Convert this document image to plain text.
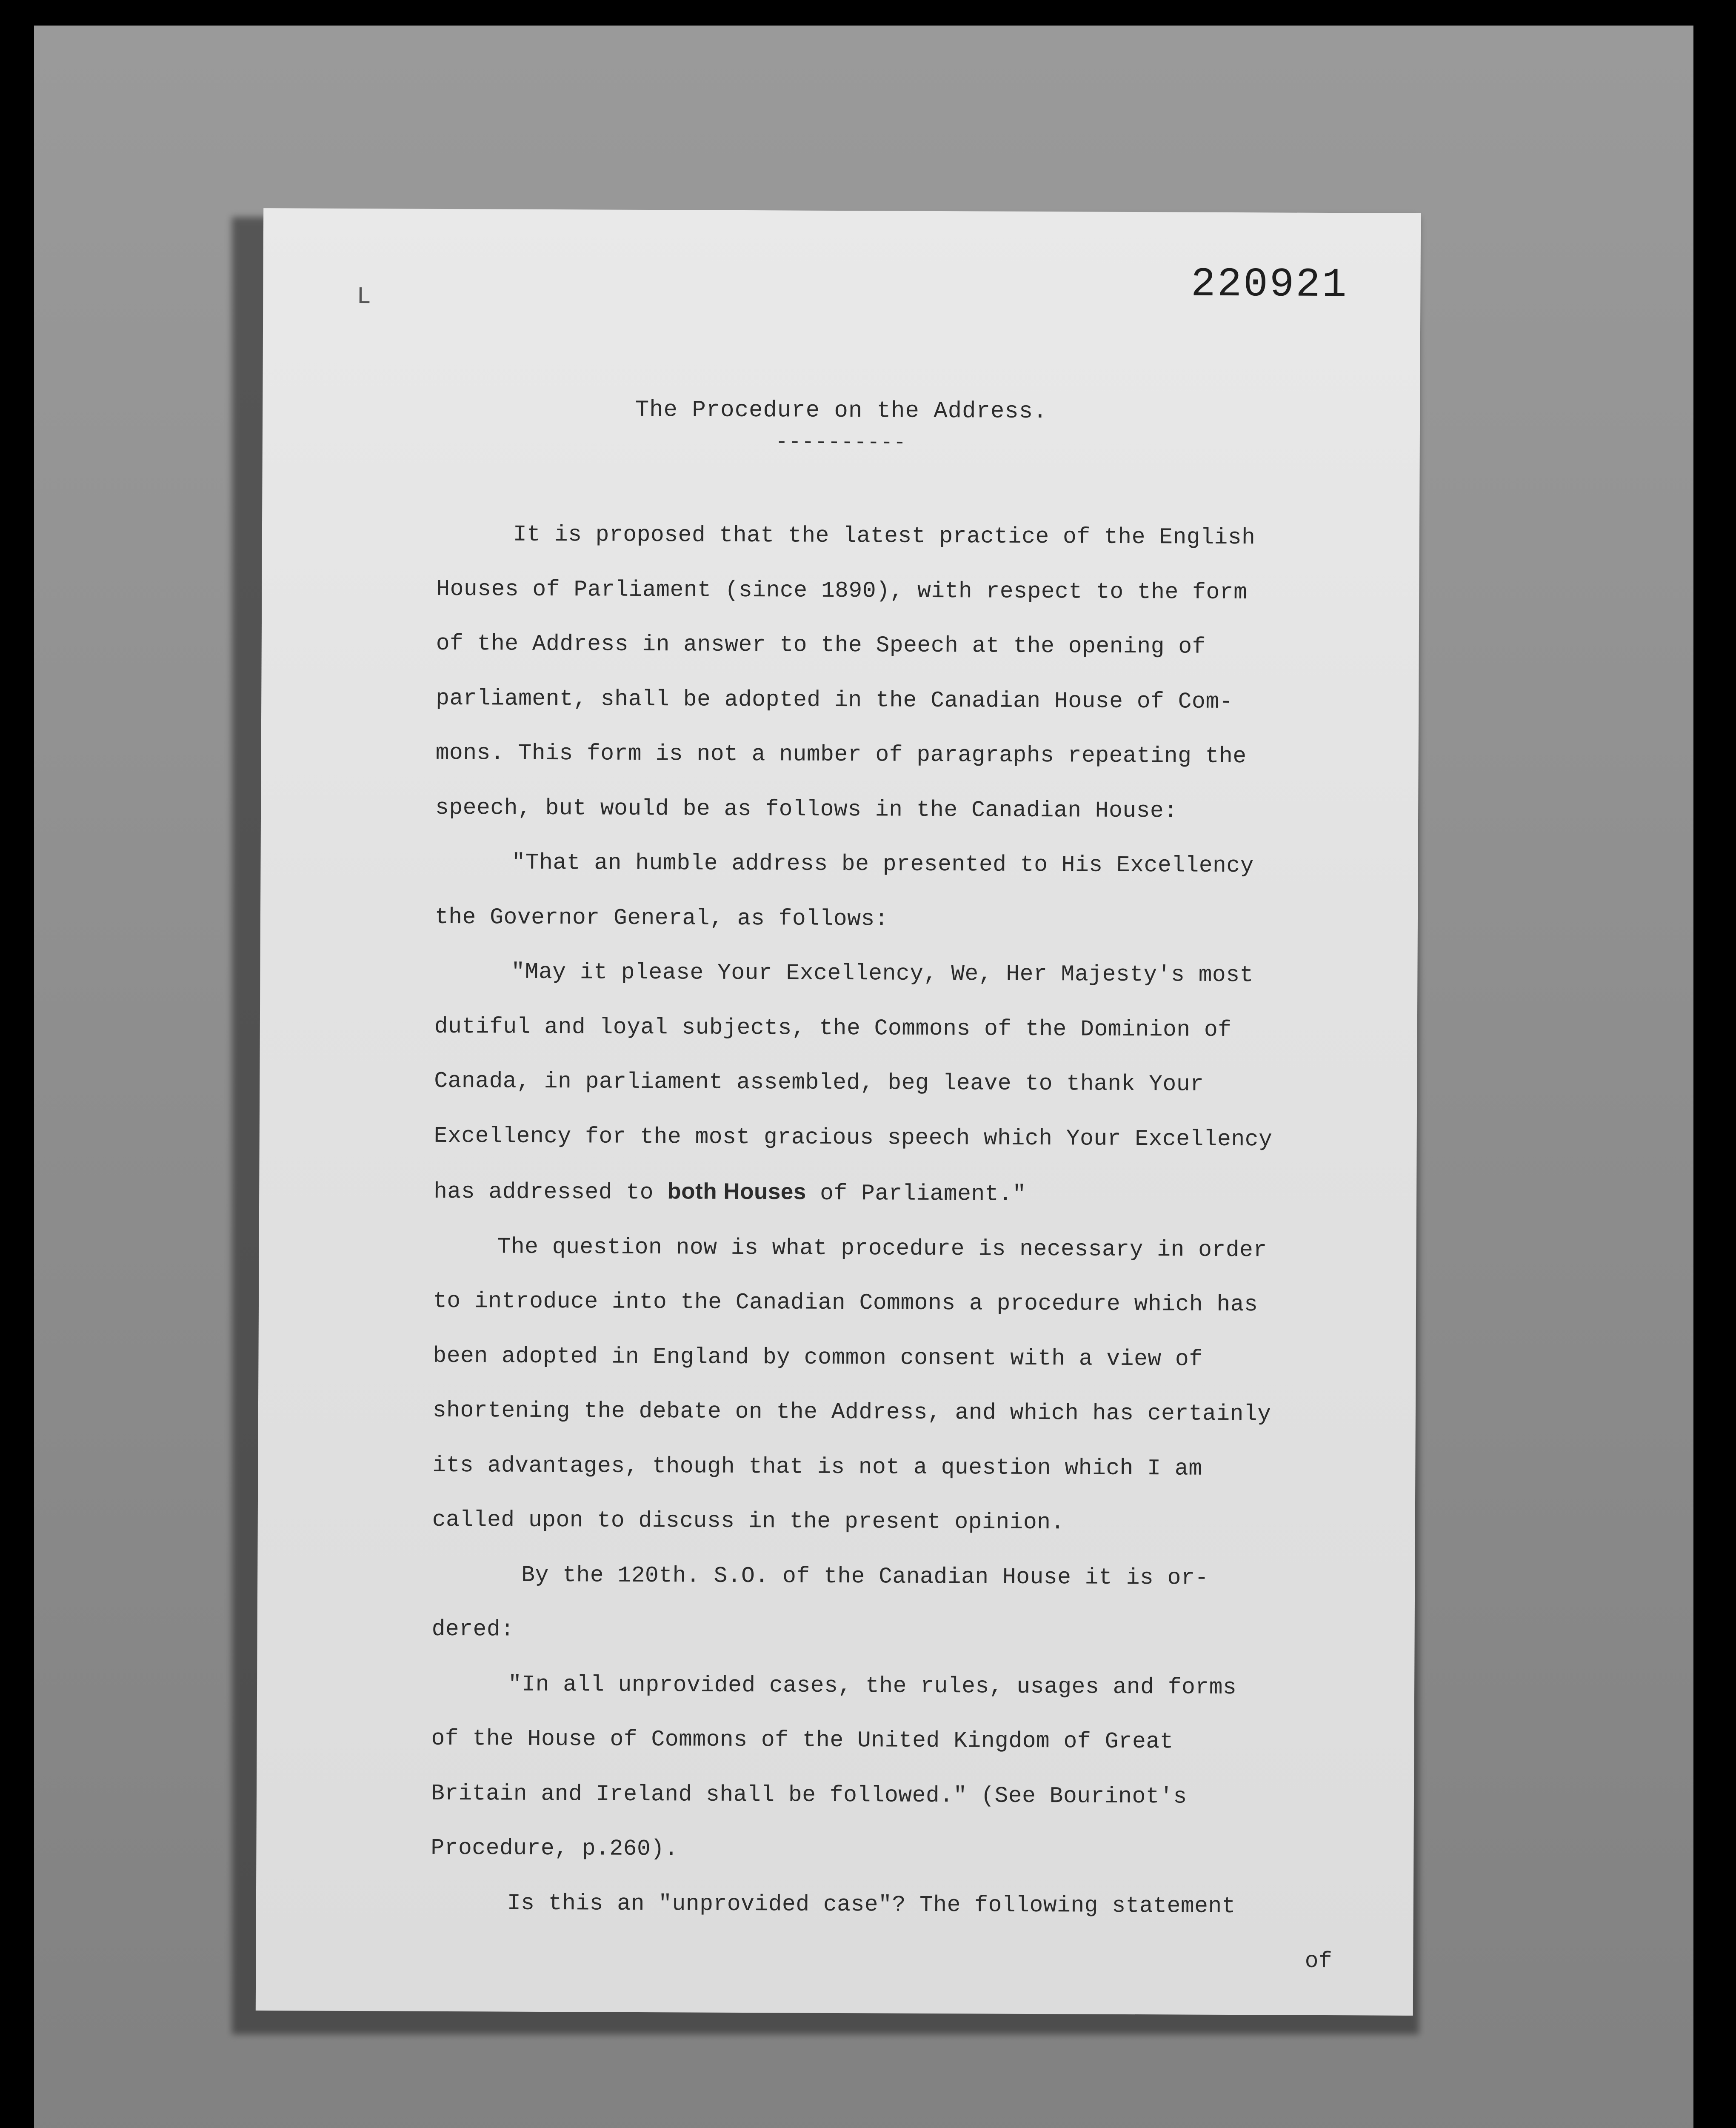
L	220921
The Procedure on the Address.
----------
It is proposed that the latest practice of the English
Houses of Parliament (since 1890), with respect to the form
of the Address in answer to the Speech at the opening of
parliament, shall be adopted in the Canadian House of Com-
mons. This form is not a number of paragraphs repeating the
speech, but would be as follows in the Canadian House:
"That an humble address be presented to His Excellency
the Governor General, as follows:
"May it please Your Excellency, We, Her Majesty's most
dutiful and loyal subjects, the Commons of the Dominion of
Canada, in parliament assembled, beg leave to thank Your
Excellency for the most gracious speech which Your Excellency
has addressed to both Houses of Parliament."
The question now is what procedure is necessary in order
to introduce into the Canadian Commons a procedure which has
been adopted in England by common consent with a view of
shortening the debate on the Address, and which has certainly
its advantages, though that is not a question which I am
called upon to discuss in the present opinion.
By the 120th. S.O. of the Canadian House it is or-
dered:
"In all unprovided cases, the rules, usages and forms
of the House of Commons of the United Kingdom of Great
Britain and Ireland shall be followed." (See Bourinot's
Procedure, p.260).
Is this an "unprovided case"? The following statement
of
